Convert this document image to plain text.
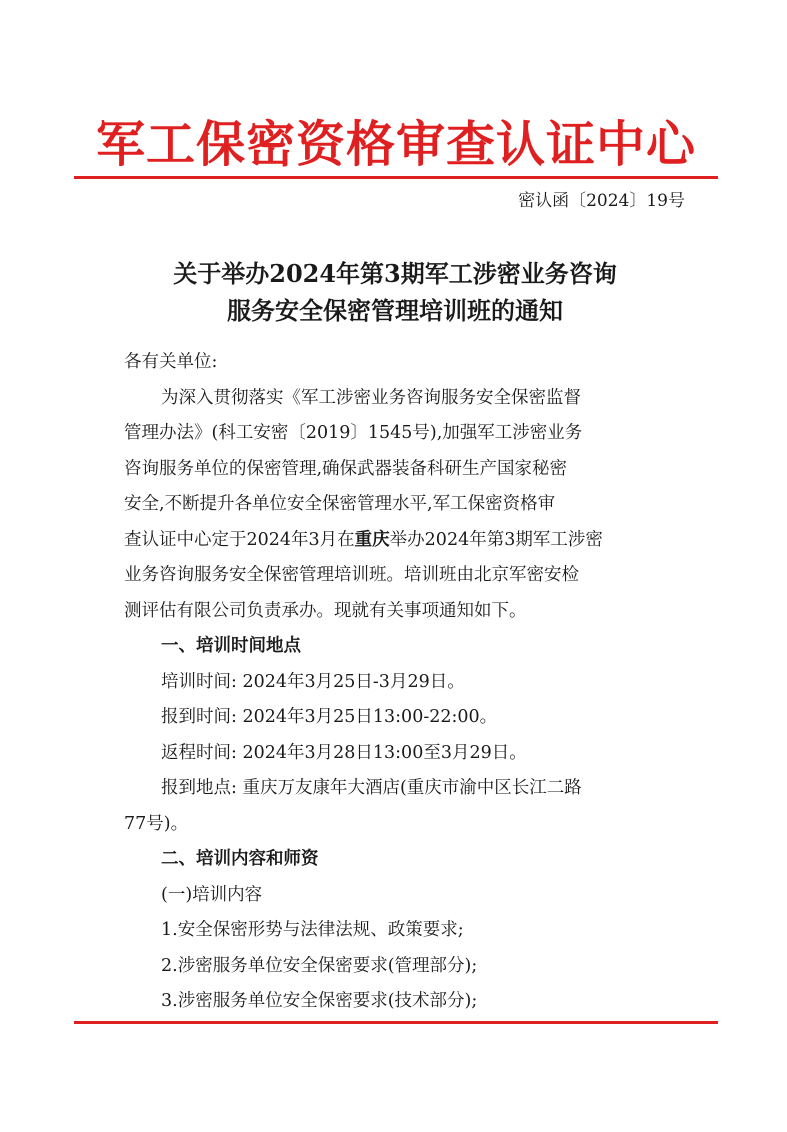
军工保密资格审查认证中心
密认函〔2024〕19号
关于举办2024年第3期军工涉密业务咨询
服务安全保密管理培训班的通知

各有关单位:

为深入贯彻落实《军工涉密业务咨询服务安全保密监督

管理办法》(科工安密〔2019〕1545号),加强军工涉密业务

咨询服务单位的保密管理,确保武器装备科研生产国家秘密

安全,不断提升各单位安全保密管理水平,军工保密资格审

查认证中心定于2024年3月在重庆举办2024年第3期军工涉密

业务咨询服务安全保密管理培训班。培训班由北京军密安检

测评估有限公司负责承办。现就有关事项通知如下。

一、培训时间地点

培训时间: 2024年3月25日-3月29日。

报到时间: 2024年3月25日13:00-22:00。

返程时间: 2024年3月28日13:00至3月29日。

报到地点: 重庆万友康年大酒店(重庆市渝中区长江二路

77号)。

二、培训内容和师资

(一)培训内容

1.安全保密形势与法律法规、政策要求;

2.涉密服务单位安全保密要求(管理部分);

3.涉密服务单位安全保密要求(技术部分);
